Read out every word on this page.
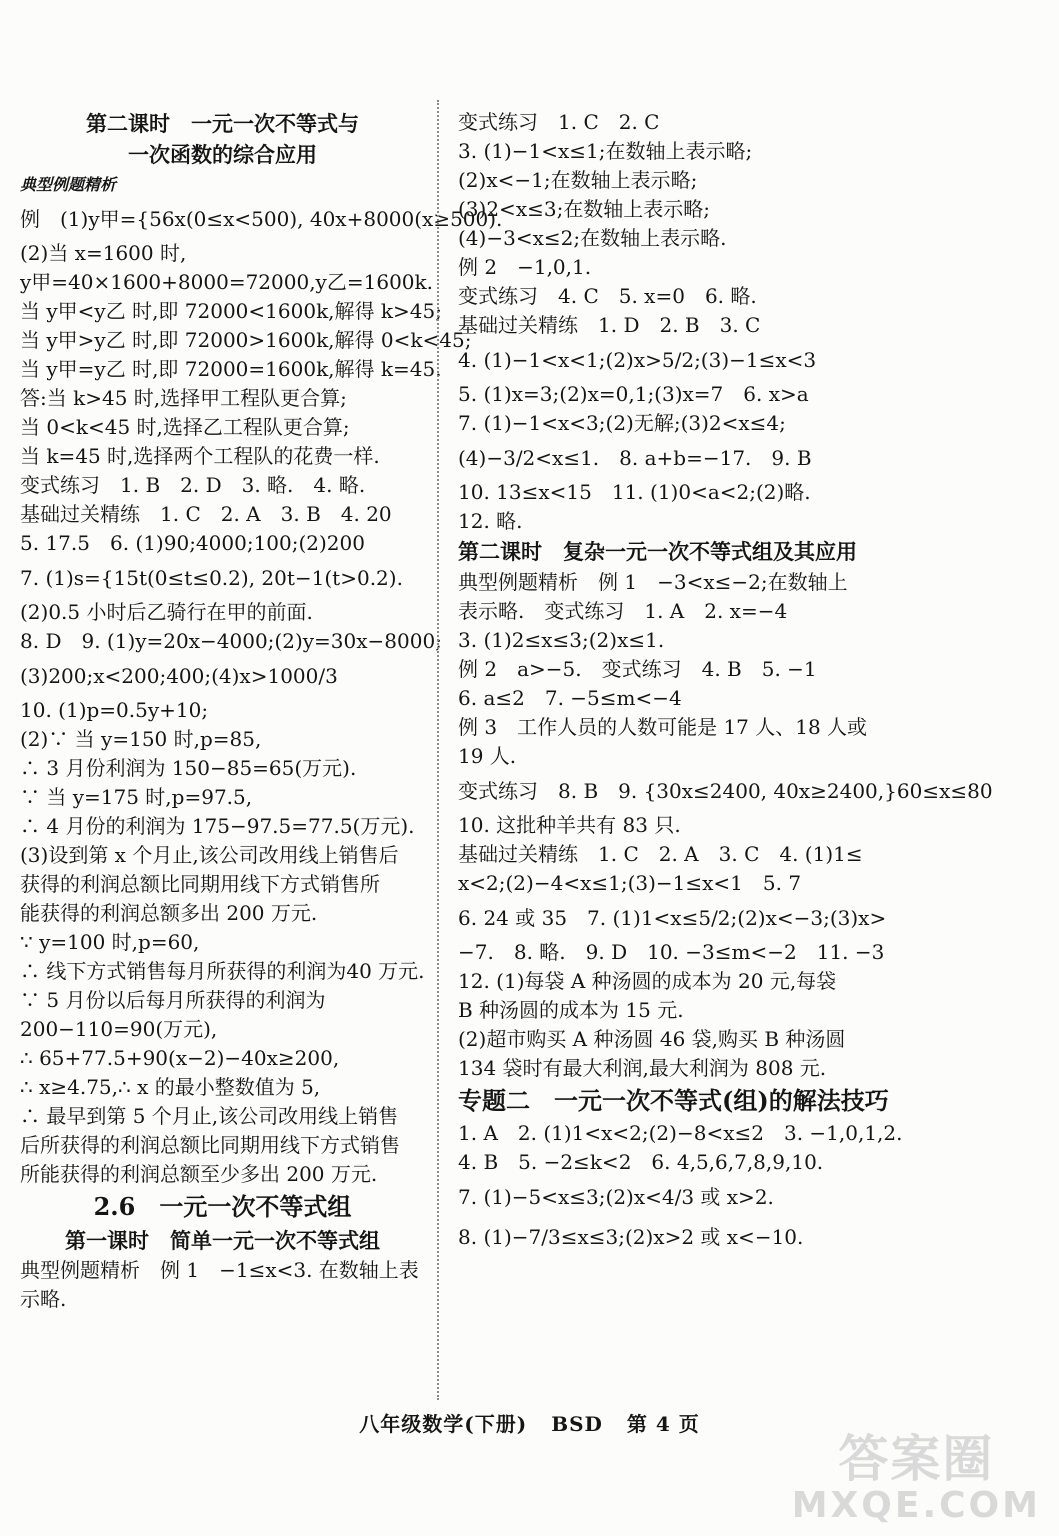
第二课时　一元一次不等式与
一次函数的综合应用
典型例题精析
例　(1)y甲={56x(0≤x<500), 40x+8000(x≥500).
(2)当 x=1600 时,
y甲=40×1600+8000=72000,y乙=1600k.
当 y甲<y乙 时,即 72000<1600k,解得 k>45;
当 y甲>y乙 时,即 72000>1600k,解得 0<k<45;
当 y甲=y乙 时,即 72000=1600k,解得 k=45.
答:当 k>45 时,选择甲工程队更合算;
当 0<k<45 时,选择乙工程队更合算;
当 k=45 时,选择两个工程队的花费一样.
变式练习　1. B　2. D　3. 略.　4. 略.
基础过关精练　1. C　2. A　3. B　4. 20
5. 17.5　6. (1)90;4000;100;(2)200
7. (1)s={15t(0≤t≤0.2), 20t−1(t>0.2).
(2)0.5 小时后乙骑行在甲的前面.
8. D　9. (1)y=20x−4000;(2)y=30x−8000;
(3)200;x<200;400;(4)x>1000/3
10. (1)p=0.5y+10;
(2)∵ 当 y=150 时,p=85,
∴ 3 月份利润为 150−85=65(万元).
∵ 当 y=175 时,p=97.5,
∴ 4 月份的利润为 175−97.5=77.5(万元).
(3)设到第 x 个月止,该公司改用线上销售后
获得的利润总额比同期用线下方式销售所
能获得的利润总额多出 200 万元.
∵ y=100 时,p=60,
∴ 线下方式销售每月所获得的利润为40 万元.
∵ 5 月份以后每月所获得的利润为
200−110=90(万元),
∴ 65+77.5+90(x−2)−40x≥200,
∴ x≥4.75,∴ x 的最小整数值为 5,
∴ 最早到第 5 个月止,该公司改用线上销售
后所获得的利润总额比同期用线下方式销售
所能获得的利润总额至少多出 200 万元.
2.6　一元一次不等式组
第一课时　简单一元一次不等式组
典型例题精析　例 1　−1≤x<3. 在数轴上表
示略.
变式练习　1. C　2. C
3. (1)−1<x≤1;在数轴上表示略;
(2)x<−1;在数轴上表示略;
(3)2<x≤3;在数轴上表示略;
(4)−3<x≤2;在数轴上表示略.
例 2　−1,0,1.
变式练习　4. C　5. x=0　6. 略.
基础过关精练　1. D　2. B　3. C
4. (1)−1<x<1;(2)x>5/2;(3)−1≤x<3
5. (1)x=3;(2)x=0,1;(3)x=7　6. x>a
7. (1)−1<x<3;(2)无解;(3)2<x≤4;
(4)−3/2<x≤1.　8. a+b=−17.　9. B
10. 13≤x<15　11. (1)0<a<2;(2)略.
12. 略.
第二课时　复杂一元一次不等式组及其应用
典型例题精析　例 1　−3<x≤−2;在数轴上
表示略.　变式练习　1. A　2. x=−4
3. (1)2≤x≤3;(2)x≤1.
例 2　a>−5.　变式练习　4. B　5. −1
6. a≤2　7. −5≤m<−4
例 3　工作人员的人数可能是 17 人、18 人或
19 人.
变式练习　8. B　9. {30x≤2400, 40x≥2400,}60≤x≤80
10. 这批种羊共有 83 只.
基础过关精练　1. C　2. A　3. C　4. (1)1≤
x<2;(2)−4<x≤1;(3)−1≤x<1　5. 7
6. 24 或 35　7. (1)1<x≤5/2;(2)x<−3;(3)x>
−7.　8. 略.　9. D　10. −3≤m<−2　11. −3
12. (1)每袋 A 种汤圆的成本为 20 元,每袋
B 种汤圆的成本为 15 元.
(2)超市购买 A 种汤圆 46 袋,购买 B 种汤圆
134 袋时有最大利润,最大利润为 808 元.
专题二　一元一次不等式(组)的解法技巧
1. A　2. (1)1<x<2;(2)−8<x≤2　3. −1,0,1,2.
4. B　5. −2≤k<2　6. 4,5,6,7,8,9,10.
7. (1)−5<x≤3;(2)x<4/3 或 x>2.
8. (1)−7/3≤x≤3;(2)x>2 或 x<−10.
八年级数学(下册) BSD 第 4 页
答案圈
MXQE.COM
